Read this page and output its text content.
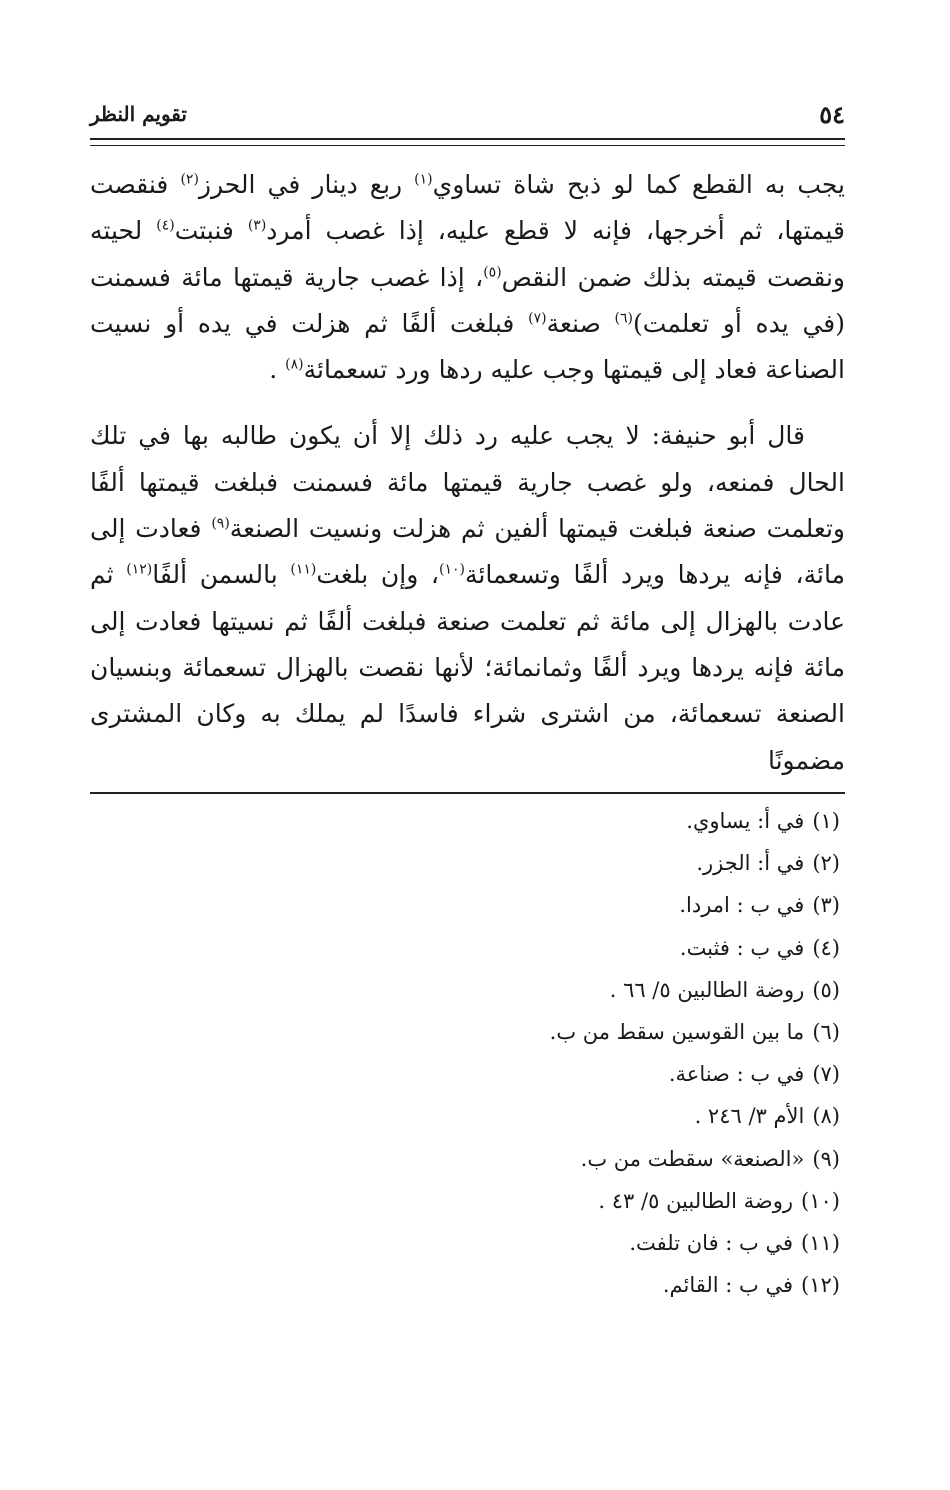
٥٤
تقويم النظر

يجب به القطع كما لو ذبح شاة تساوي$^{(١)}$ ربع دينار في الحرز$^{(٢)}$ فنقصت قيمتها، ثم أخرجها، فإنه لا قطع عليه، إذا غصب أمرد$^{(٣)}$ فنبتت$^{(٤)}$ لحيته ونقصت قيمته بذلك ضمن النقص$^{(٥)}$، إذا غصب جارية قيمتها مائة فسمنت (في يده أو تعلمت)$^{(٦)}$ صنعة$^{(٧)}$ فبلغت ألفًا ثم هزلت في يده أو نسيت الصناعة فعاد إلى قيمتها وجب عليه ردها ورد تسعمائة$^{(٨)}$ .

قال أبو حنيفة: لا يجب عليه رد ذلك إلا أن يكون طالبه بها في تلك الحال فمنعه، ولو غصب جارية قيمتها مائة فسمنت فبلغت قيمتها ألفًا وتعلمت صنعة فبلغت قيمتها ألفين ثم هزلت ونسيت الصنعة$^{(٩)}$ فعادت إلى مائة، فإنه يردها ويرد ألفًا وتسعمائة$^{(١٠)}$، وإن بلغت$^{(١١)}$ بالسمن ألفًا$^{(١٢)}$ ثم عادت بالهزال إلى مائة ثم تعلمت صنعة فبلغت ألفًا ثم نسيتها فعادت إلى مائة فإنه يردها ويرد ألفًا وثمانمائة؛ لأنها نقصت بالهزال تسعمائة وبنسيان الصنعة تسعمائة، من اشترى شراء فاسدًا لم يملك به وكان المشترى مضمونًا

(١)في أ: يساوي.
(٢)في أ: الجزر.
(٣)في ب : امردا.
(٤)في ب : فثبت.
(٥)روضة الطالبين ٥/ ٦٦ .
(٦)ما بين القوسين سقط من ب.
(٧)في ب : صناعة.
(٨)الأم ٣/ ٢٤٦ .
(٩)«الصنعة» سقطت من ب.
(١٠)روضة الطالبين ٥/ ٤٣ .
(١١)في ب : فان تلفت.
(١٢)في ب : القائم.
